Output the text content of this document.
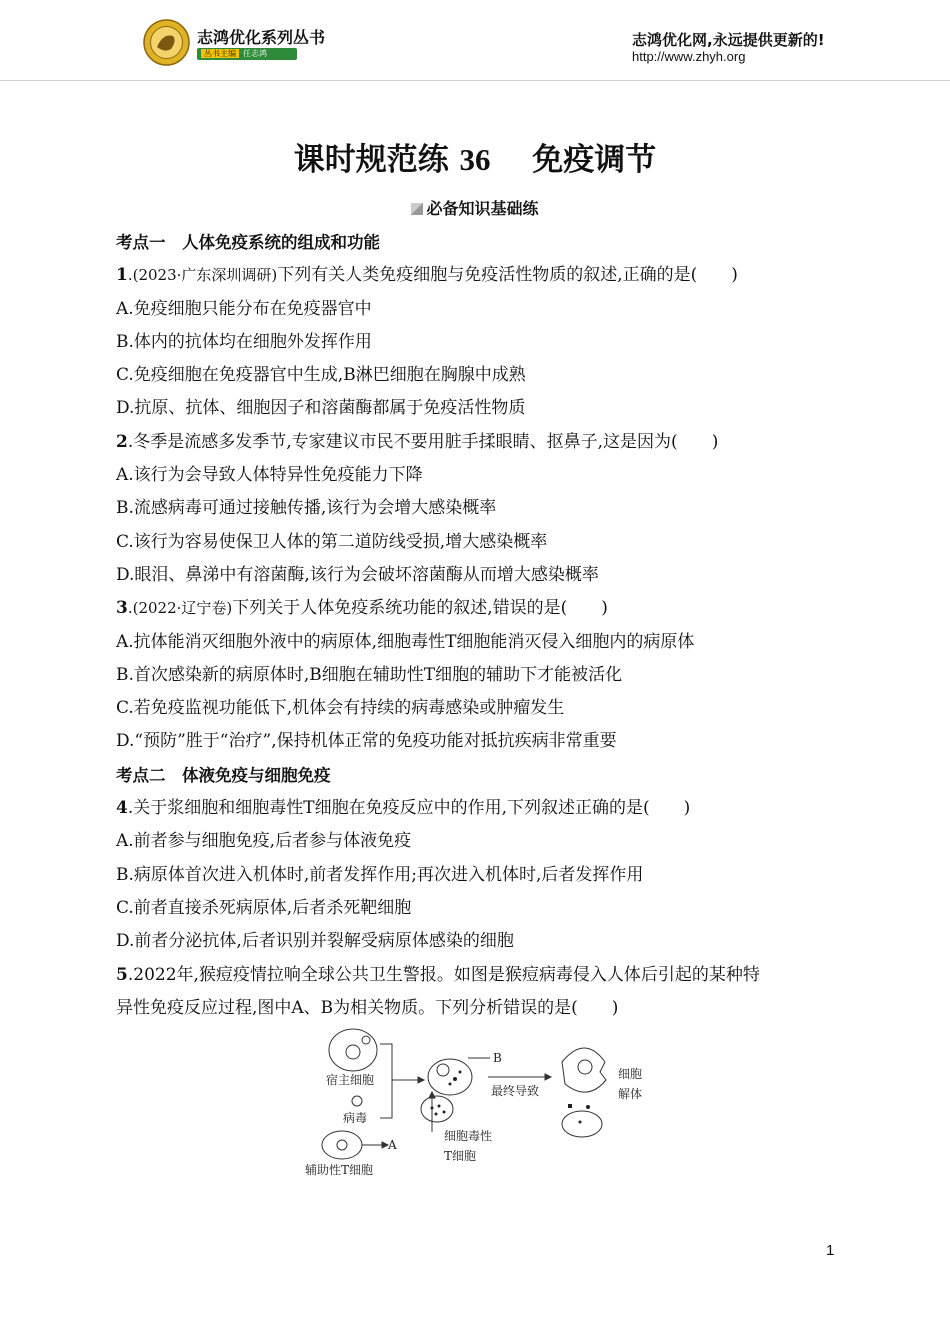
志鸿优化系列丛书
丛书主编 任志鸿
志鸿优化网,永远提供更新的!
http://www.zhyh.org
课时规范练 36　 免疫调节
必备知识基础练
考点一　人体免疫系统的组成和功能
1.(2023·广东深圳调研)下列有关人类免疫细胞与免疫活性物质的叙述,正确的是(　　)
A.免疫细胞只能分布在免疫器官中
B.体内的抗体均在细胞外发挥作用
C.免疫细胞在免疫器官中生成,B淋巴细胞在胸腺中成熟
D.抗原、抗体、细胞因子和溶菌酶都属于免疫活性物质
2.冬季是流感多发季节,专家建议市民不要用脏手揉眼睛、抠鼻子,这是因为(　　)
A.该行为会导致人体特异性免疫能力下降
B.流感病毒可通过接触传播,该行为会增大感染概率
C.该行为容易使保卫人体的第二道防线受损,增大感染概率
D.眼泪、鼻涕中有溶菌酶,该行为会破坏溶菌酶从而增大感染概率
3.(2022·辽宁卷)下列关于人体免疫系统功能的叙述,错误的是(　　)
A.抗体能消灭细胞外液中的病原体,细胞毒性T细胞能消灭侵入细胞内的病原体
B.首次感染新的病原体时,B细胞在辅助性T细胞的辅助下才能被活化
C.若免疫监视功能低下,机体会有持续的病毒感染或肿瘤发生
D.“预防”胜于“治疗”,保持机体正常的免疫功能对抵抗疾病非常重要
考点二　体液免疫与细胞免疫
4.关于浆细胞和细胞毒性T细胞在免疫反应中的作用,下列叙述正确的是(　　)
A.前者参与细胞免疫,后者参与体液免疫
B.病原体首次进入机体时,前者发挥作用;再次进入机体时,后者发挥作用
C.前者直接杀死病原体,后者杀死靶细胞
D.前者分泌抗体,后者识别并裂解受病原体感染的细胞
5.2022年,猴痘疫情拉响全球公共卫生警报。如图是猴痘病毒侵入人体后引起的某种特
异性免疫反应过程,图中A、B为相关物质。下列分析错误的是(　　)
宿主细胞
病毒
辅助性T细胞
A
B
最终导致
细胞毒性
T细胞
细胞
解体
1
